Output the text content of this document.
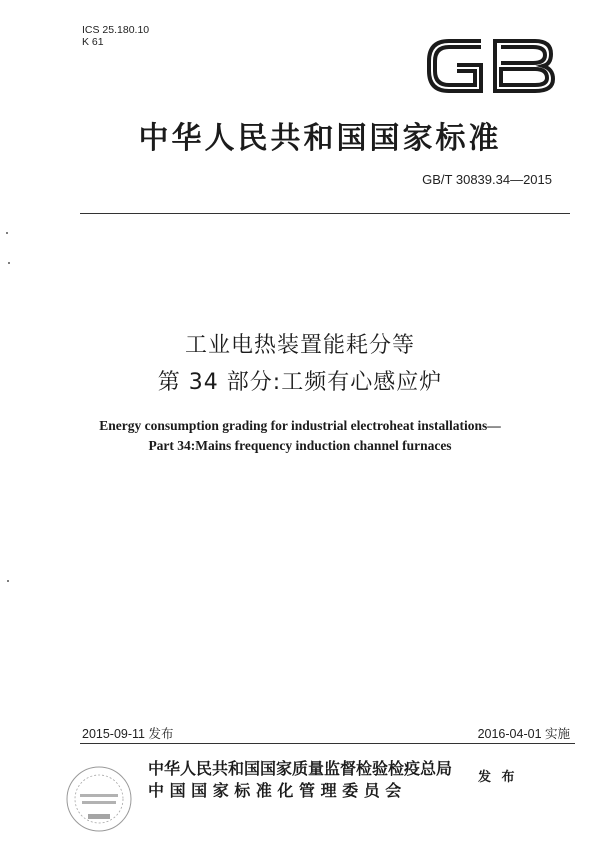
ICS 25.180.10
K 61
中华人民共和国国家标准
GB/T 30839.34—2015
工业电热装置能耗分等
第 34 部分:工频有心感应炉
Energy consumption grading for industrial electroheat installations—
Part 34:Mains frequency induction channel furnaces
2015-09-11 发布	2016-04-01 实施
中华人民共和国国家质量监督检验检疫总局
中 国 国 家 标 准 化 管 理 委 员 会
发 布
